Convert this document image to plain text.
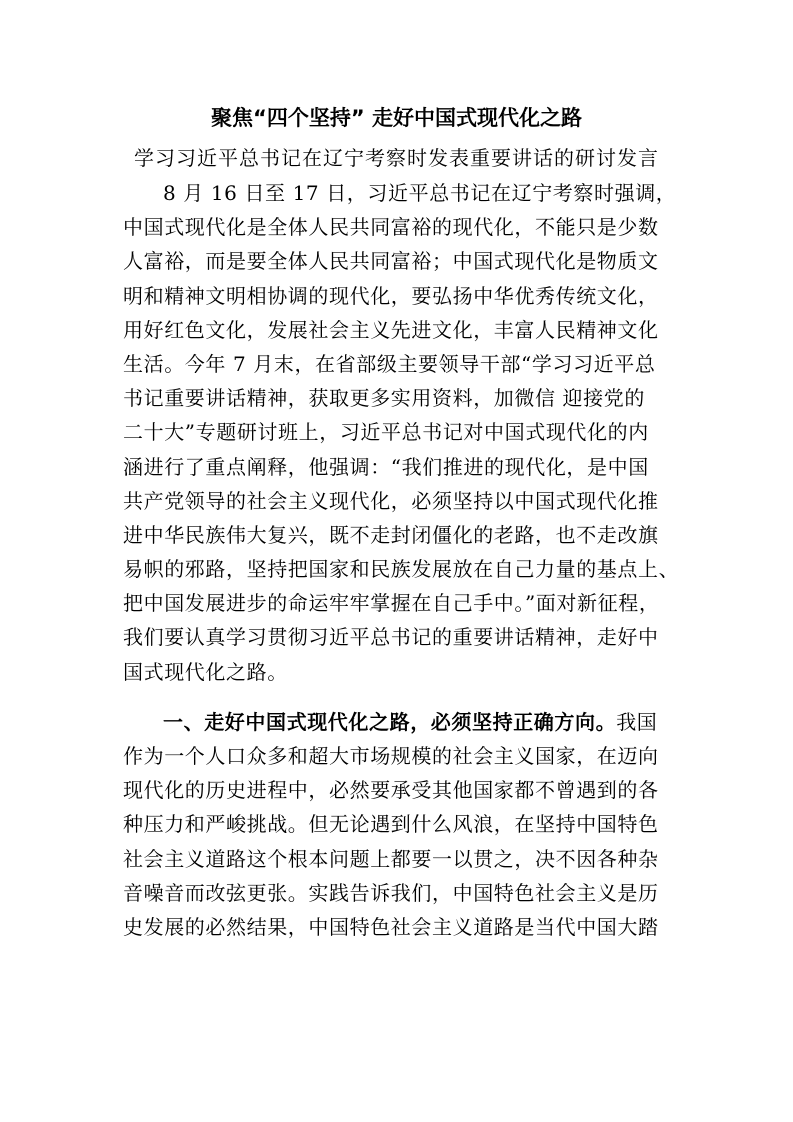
聚焦“四个坚持” 走好中国式现代化之路
学习习近平总书记在辽宁考察时发表重要讲话的研讨发言
8 月 16 日至 17 日，习近平总书记在辽宁考察时强调，
中国式现代化是全体人民共同富裕的现代化，不能只是少数
人富裕，而是要全体人民共同富裕；中国式现代化是物质文
明和精神文明相协调的现代化，要弘扬中华优秀传统文化，
用好红色文化，发展社会主义先进文化，丰富人民精神文化
生活。今年 7 月末，在省部级主要领导干部“学习习近平总
书记重要讲话精神，获取更多实用资料，加微信 迎接党的
二十大”专题研讨班上，习近平总书记对中国式现代化的内
涵进行了重点阐释，他强调：“我们推进的现代化，是中国
共产党领导的社会主义现代化，必须坚持以中国式现代化推
进中华民族伟大复兴，既不走封闭僵化的老路，也不走改旗
易帜的邪路，坚持把国家和民族发展放在自己力量的基点上、
把中国发展进步的命运牢牢掌握在自己手中。”面对新征程，
我们要认真学习贯彻习近平总书记的重要讲话精神，走好中
国式现代化之路。
一、走好中国式现代化之路，必须坚持正确方向。我国
作为一个人口众多和超大市场规模的社会主义国家，在迈向
现代化的历史进程中，必然要承受其他国家都不曾遇到的各
种压力和严峻挑战。但无论遇到什么风浪，在坚持中国特色
社会主义道路这个根本问题上都要一以贯之，决不因各种杂
音噪音而改弦更张。实践告诉我们，中国特色社会主义是历
史发展的必然结果，中国特色社会主义道路是当代中国大踏
